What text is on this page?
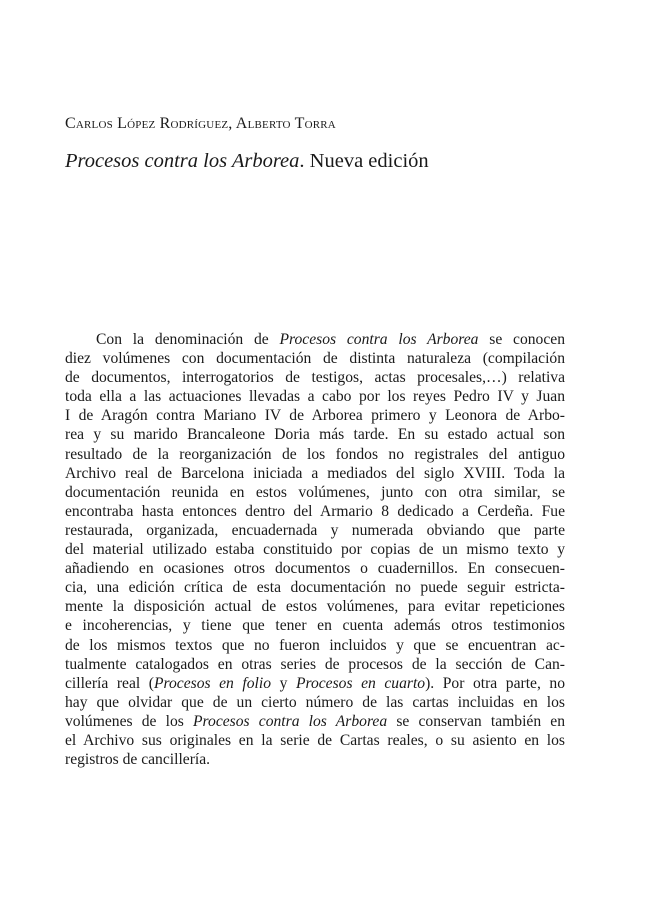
Carlos López Rodríguez, Alberto Torra

Procesos contra los Arborea. Nueva edición
Con la denominación de Procesos contra los Arborea se conocen
diez volúmenes con documentación de distinta naturaleza (compilación
de documentos, interrogatorios de testigos, actas procesales,…) relativa
toda ella a las actuaciones llevadas a cabo por los reyes Pedro IV y Juan
I de Aragón contra Mariano IV de Arborea primero y Leonora de Arbo-
rea y su marido Brancaleone Doria más tarde. En su estado actual son
resultado de la reorganización de los fondos no registrales del antiguo
Archivo real de Barcelona iniciada a mediados del siglo XVIII. Toda la
documentación reunida en estos volúmenes, junto con otra similar, se
encontraba hasta entonces dentro del Armario 8 dedicado a Cerdeña. Fue
restaurada, organizada, encuadernada y numerada obviando que parte
del material utilizado estaba constituido por copias de un mismo texto y
añadiendo en ocasiones otros documentos o cuadernillos. En consecuen-
cia, una edición crítica de esta documentación no puede seguir estricta-
mente la disposición actual de estos volúmenes, para evitar repeticiones
e incoherencias, y tiene que tener en cuenta además otros testimonios
de los mismos textos que no fueron incluidos y que se encuentran ac-
tualmente catalogados en otras series de procesos de la sección de Can-
cillería real (Procesos en folio y Procesos en cuarto). Por otra parte, no
hay que olvidar que de un cierto número de las cartas incluidas en los
volúmenes de los Procesos contra los Arborea se conservan también en
el Archivo sus originales en la serie de Cartas reales, o su asiento en los
registros de cancillería.
